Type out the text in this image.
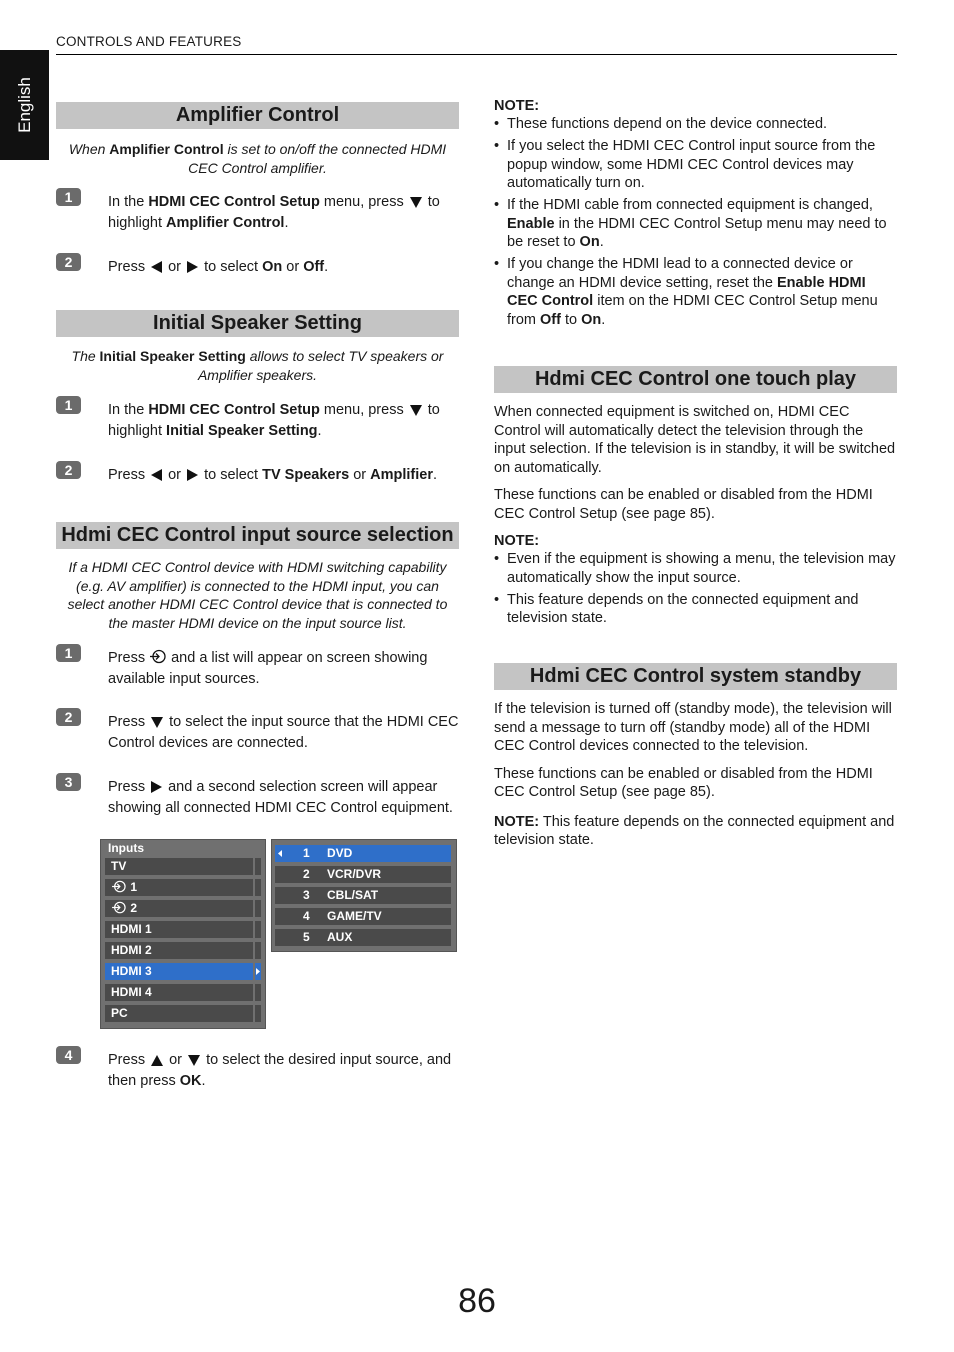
CONTROLS AND FEATURES
English	Amplifier Control
When Amplifier Control is set to on/off the connected HDMI CEC Control amplifier.
1	In the HDMI CEC Control Setup menu, press  to highlight Amplifier Control.
2	Press  or  to select On or Off.
Initial Speaker Setting
The Initial Speaker Setting allows to select TV speakers or Amplifier speakers.
1	In the HDMI CEC Control Setup menu, press  to highlight Initial Speaker Setting.
2	Press  or  to select TV Speakers or Amplifier.
Hdmi CEC Control input source selection
If a HDMI CEC Control device with HDMI switching capability (e.g. AV amplifier) is connected to the HDMI input, you can select another HDMI CEC Control device that is connected to the master HDMI device on the input source list.
1	Press  and a list will appear on screen showing available input sources.
2	Press  to select the input source that the HDMI CEC Control devices are connected.
3	Press  and a second selection screen will appear showing all connected HDMI CEC Control equipment.
Inputs
TV
1
2
HDMI 1
HDMI 2
HDMI 3
HDMI 4
PC
1 DVD
2 VCR/DVR
3 CBL/SAT
4 GAME/TV
5 AUX
4	Press  or  to select the desired input source, and then press OK.
NOTE:
• These functions depend on the device connected.
• If you select the HDMI CEC Control input source from the popup window, some HDMI CEC Control devices may automatically turn on.
• If the HDMI cable from connected equipment is changed, Enable in the HDMI CEC Control Setup menu may need to be reset to On.
• If you change the HDMI lead to a connected device or change an HDMI device setting, reset the Enable HDMI CEC Control item on the HDMI CEC Control Setup menu from Off to On.
Hdmi CEC Control one touch play
When connected equipment is switched on, HDMI CEC Control will automatically detect the television through the input selection. If the television is in standby, it will be switched on automatically.
These functions can be enabled or disabled from the HDMI CEC Control Setup (see page 85).
NOTE:
• Even if the equipment is showing a menu, the television may automatically show the input source.
• This feature depends on the connected equipment and television state.
Hdmi CEC Control system standby
If the television is turned off (standby mode), the television will send a message to turn off (standby mode) all of the HDMI CEC Control devices connected to the television.
These functions can be enabled or disabled from the HDMI CEC Control Setup (see page 85).
NOTE: This feature depends on the connected equipment and television state.
86
